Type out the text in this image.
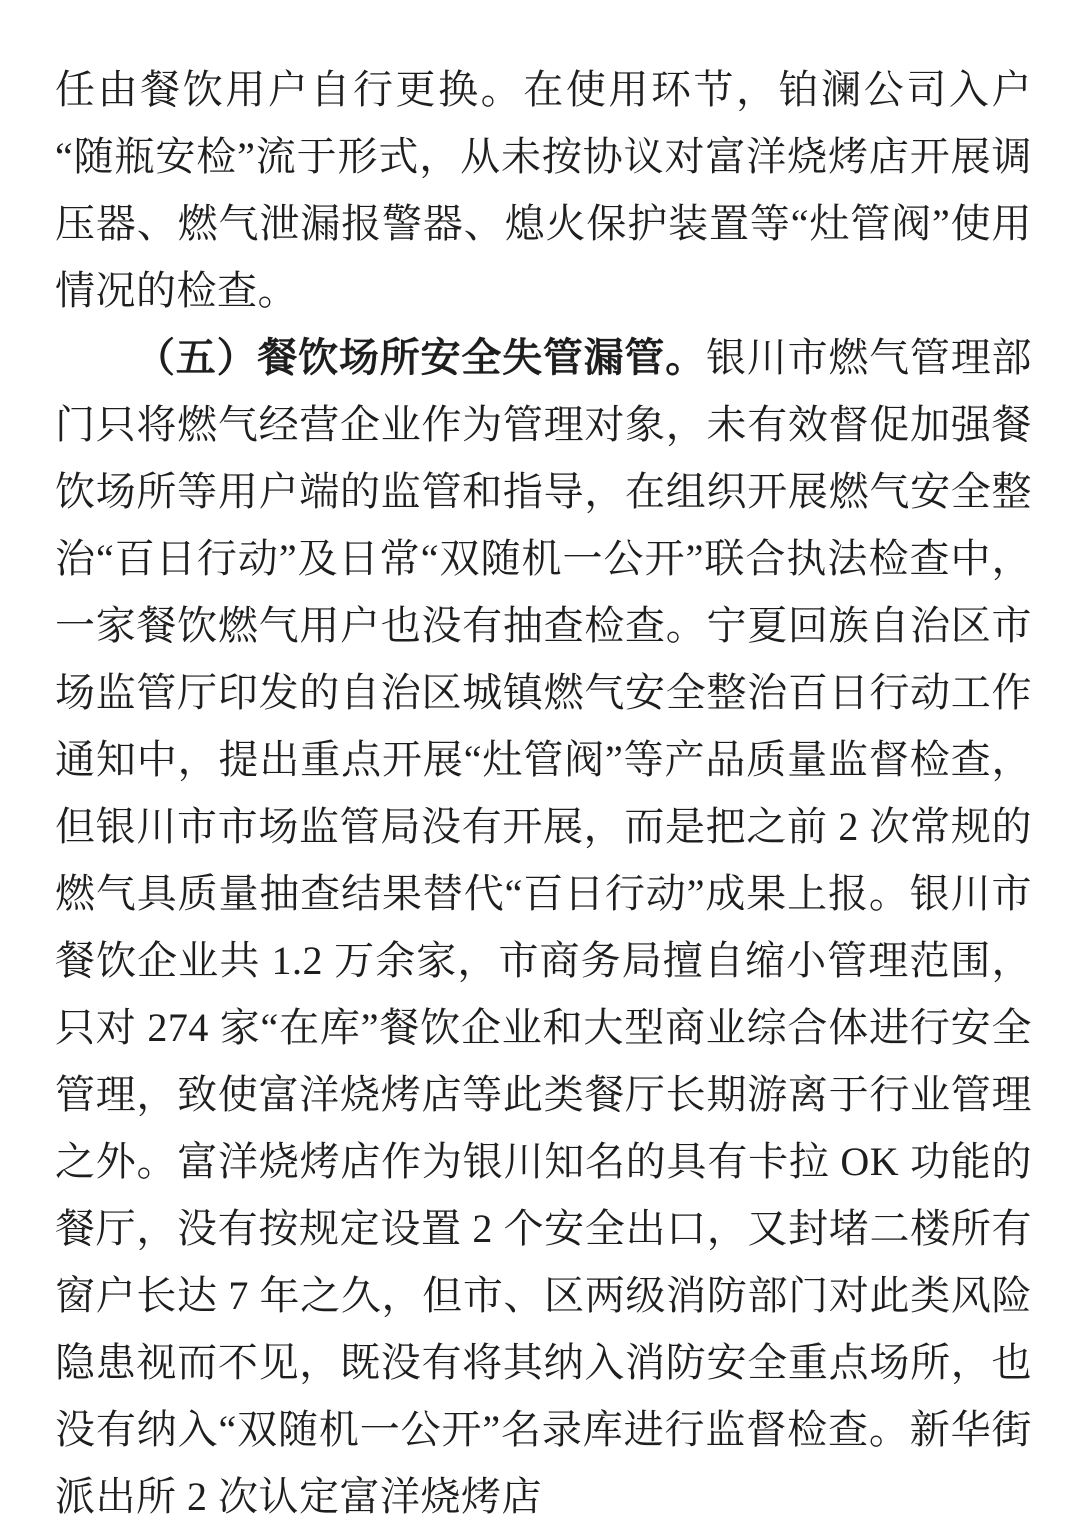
任由餐饮用户自行更换。在使用环节，铂澜公司入户“随瓶安检”流于形式，从未按协议对富洋烧烤店开展调压器、燃气泄漏报警器、熄火保护装置等“灶管阀”使用情况的检查。

（五）餐饮场所安全失管漏管。银川市燃气管理部门只将燃气经营企业作为管理对象，未有效督促加强餐饮场所等用户端的监管和指导，在组织开展燃气安全整治“百日行动”及日常“双随机一公开”联合执法检查中，一家餐饮燃气用户也没有抽查检查。宁夏回族自治区市场监管厅印发的自治区城镇燃气安全整治百日行动工作通知中，提出重点开展“灶管阀”等产品质量监督检查，但银川市市场监管局没有开展，而是把之前 2 次常规的燃气具质量抽查结果替代“百日行动”成果上报。银川市餐饮企业共 1.2 万余家，市商务局擅自缩小管理范围，只对 274 家“在库”餐饮企业和大型商业综合体进行安全管理，致使富洋烧烤店等此类餐厅长期游离于行业管理之外。富洋烧烤店作为银川知名的具有卡拉 OK 功能的餐厅，没有按规定设置 2 个安全出口，又封堵二楼所有窗户长达 7 年之久，但市、区两级消防部门对此类风险隐患视而不见，既没有将其纳入消防安全重点场所，也没有纳入“双随机一公开”名录库进行监督检查。新华街派出所 2 次认定富洋烧烤店
